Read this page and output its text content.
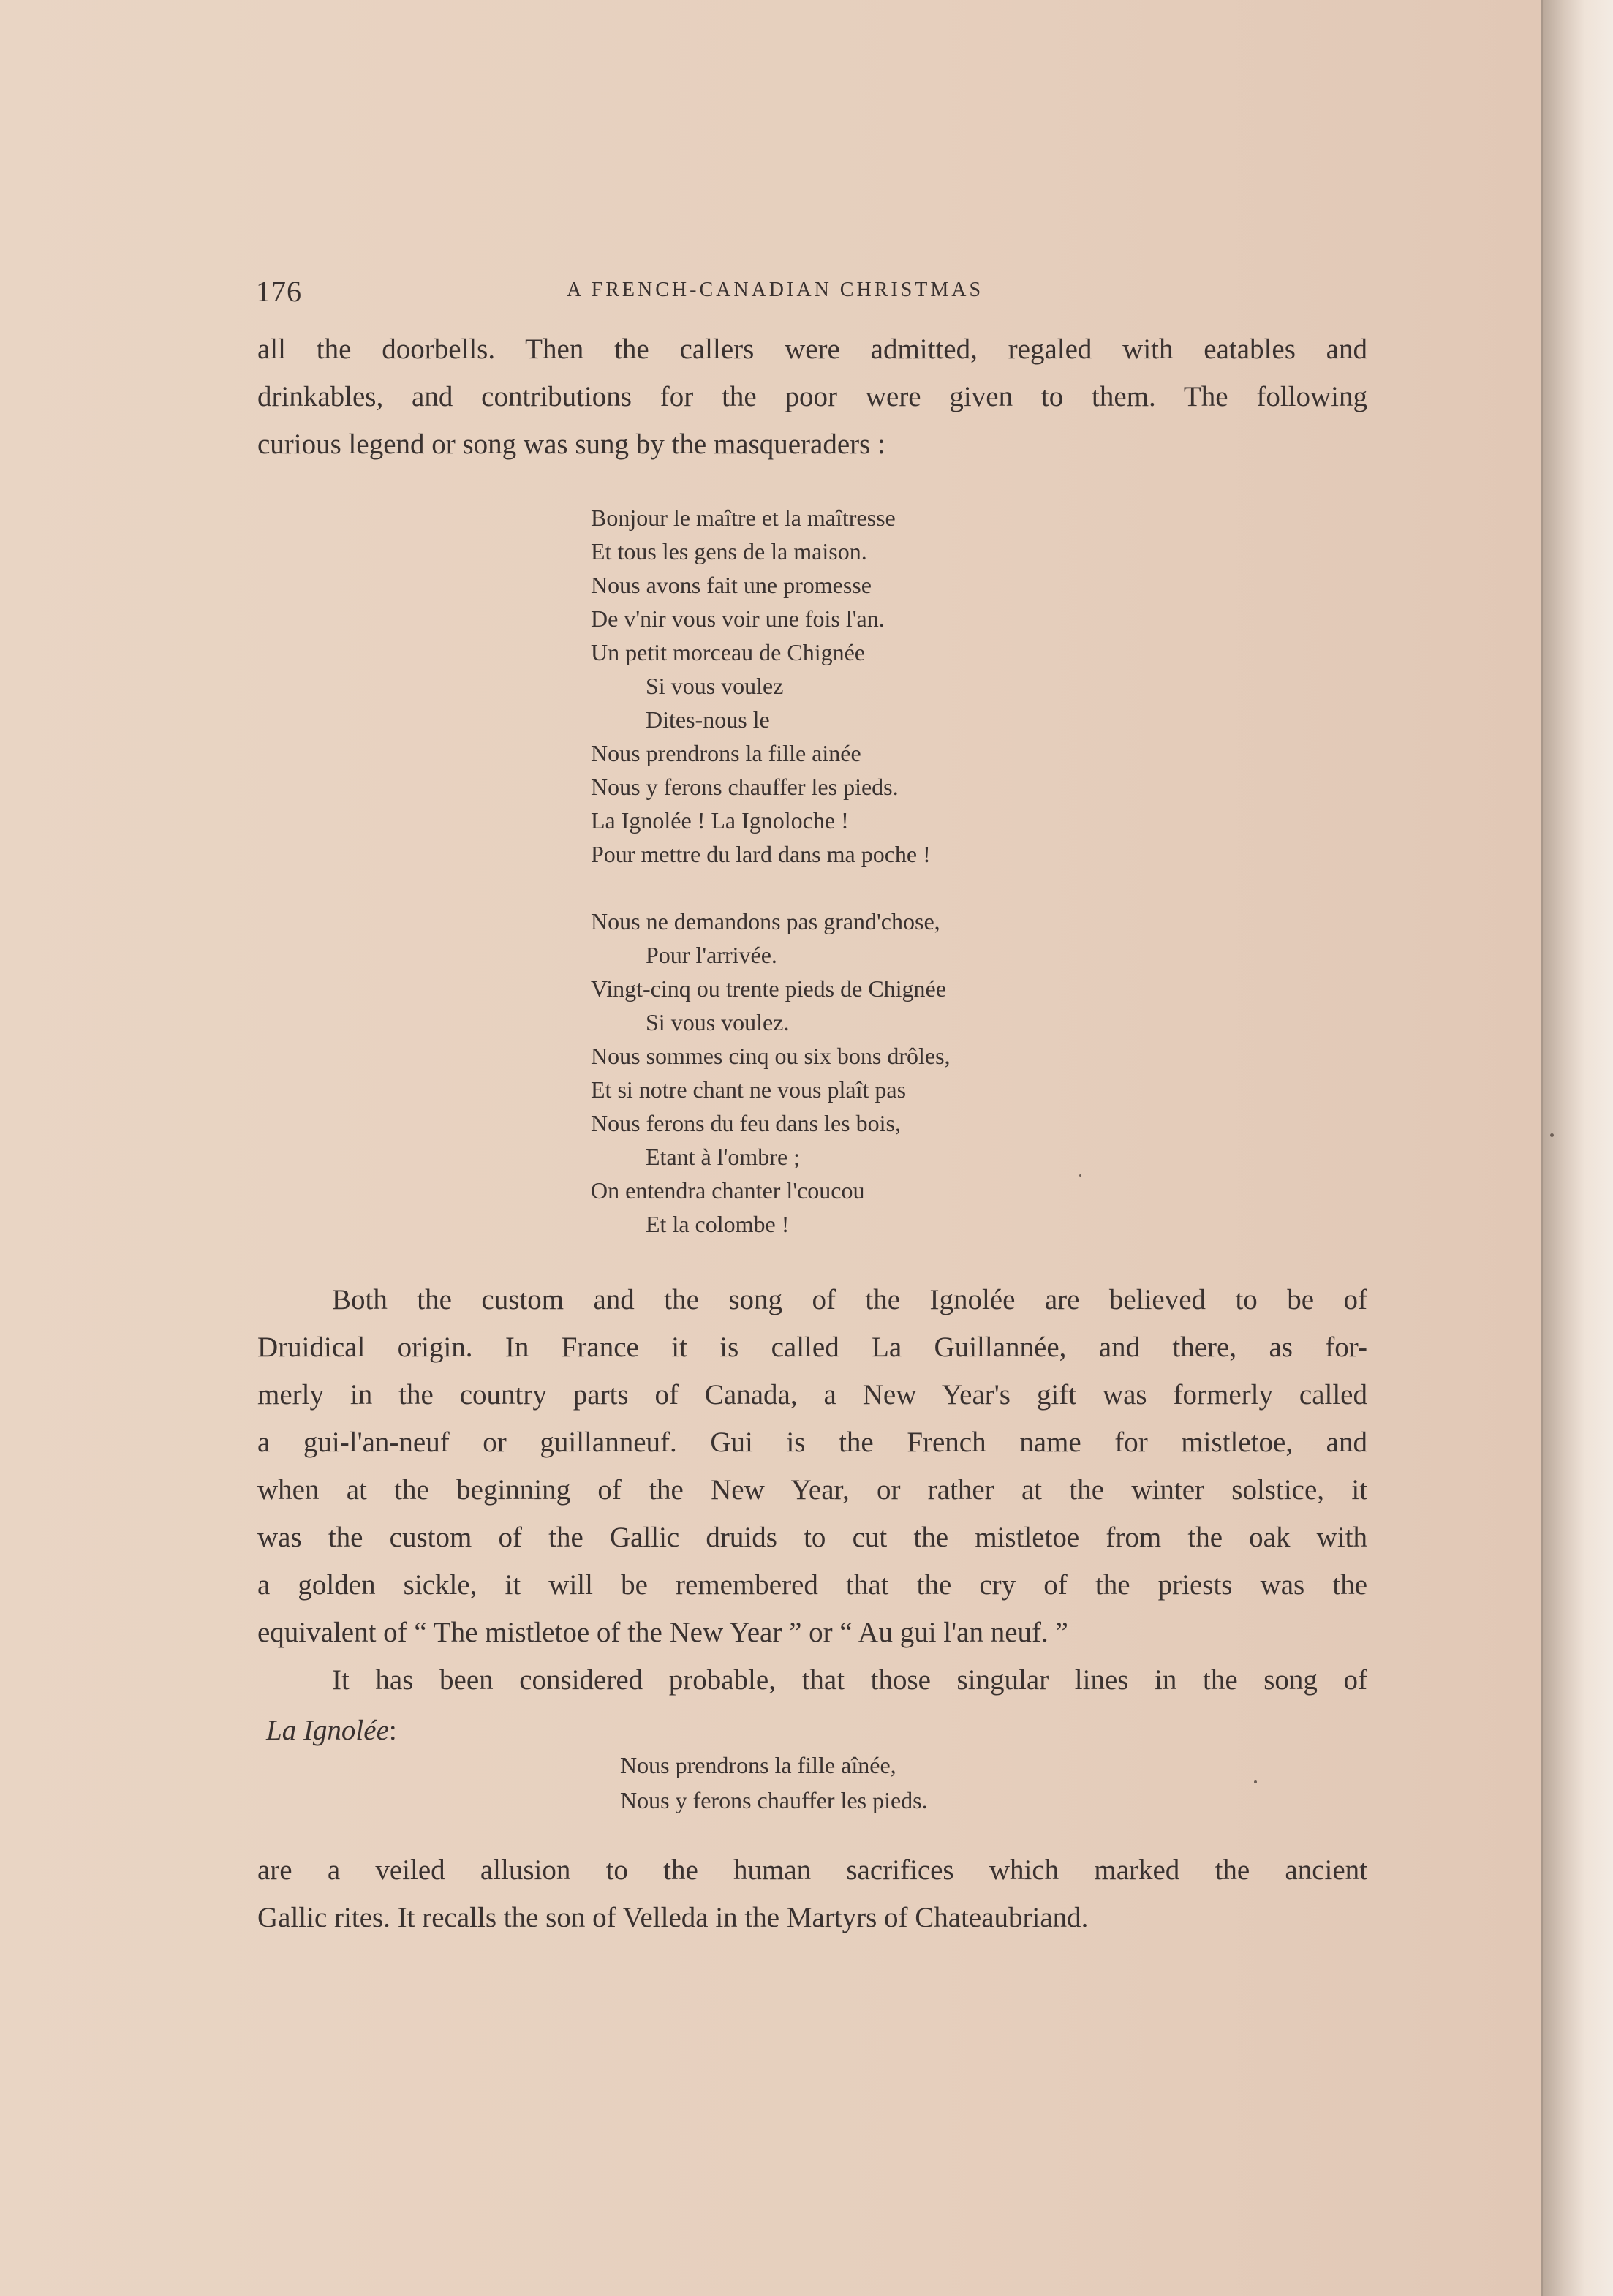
176	A FRENCH-CANADIAN CHRISTMAS

all the doorbells. Then the callers were admitted, regaled with eatables and

drinkables, and contributions for the poor were given to them. The following

curious legend or song was sung by the masqueraders :

Bonjour le maître et la maîtresse
Et tous les gens de la maison.
Nous avons fait une promesse
De v'nir vous voir une fois l'an.
Un petit morceau de Chignée
Si vous voulez
Dites-nous le
Nous prendrons la fille ainée
Nous y ferons chauffer les pieds.
La Ignolée ! La Ignoloche !
Pour mettre du lard dans ma poche !
Nous ne demandons pas grand'chose,
Pour l'arrivée.
Vingt-cinq ou trente pieds de Chignée
Si vous voulez.
Nous sommes cinq ou six bons drôles,
Et si notre chant ne vous plaît pas
Nous ferons du feu dans les bois,
Etant à l'ombre ;
On entendra chanter l'coucou
Et la colombe !

Both the custom and the song of the Ignolée are believed to be of

Druidical origin. In France it is called La Guillannée, and there, as for-

merly in the country parts of Canada, a New Year's gift was formerly called

a gui-l'an-neuf or guillanneuf. Gui is the French name for mistletoe, and

when at the beginning of the New Year, or rather at the winter solstice, it

was the custom of the Gallic druids to cut the mistletoe from the oak with

a golden sickle, it will be remembered that the cry of the priests was the

equivalent of “ The mistletoe of the New Year ” or “ Au gui l'an neuf. ”

It has been considered probable, that those singular lines in the song of

La Ignolée:

Nous prendrons la fille aînée,
Nous y ferons chauffer les pieds.

are a veiled allusion to the human sacrifices which marked the ancient

Gallic rites. It recalls the son of Velleda in the Martyrs of Chateaubriand.
